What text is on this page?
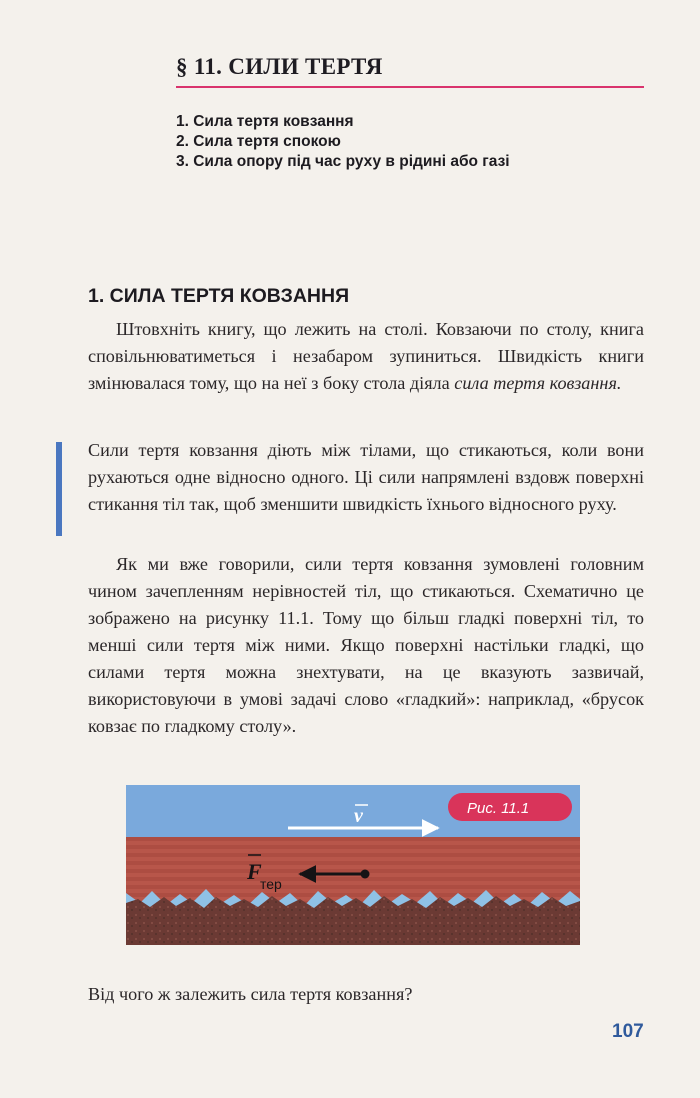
§ 11. СИЛИ ТЕРТЯ
1. Сила тертя ковзання
2. Сила тертя спокою
3. Сила опору під час руху в рідині або газі
1. СИЛА ТЕРТЯ КОВЗАННЯ

Штовхніть книгу, що лежить на столі. Ковзаючи по столу, книга сповільнюватиметься і незабаром зупиниться. Швидкість книги змінювалася тому, що на неї з боку стола діяла сила тертя ковзання.

Сили тертя ковзання діють між тілами, що стикаються, коли вони рухаються одне відносно одного. Ці сили напрямлені вздовж поверхні стикання тіл так, щоб зменшити швидкість їхнього відносного руху.

Як ми вже говорили, сили тертя ковзання зумовлені головним чином зачепленням нерівностей тіл, що стикаються. Схематично це зображено на рисунку 11.1. Тому що більш гладкі поверхні тіл, то менші сили тертя між ними. Якщо поверхні настільки гладкі, що силами тертя можна знехтувати, на це вказують зазвичай, використовуючи в умові задачі слово «гладкий»: наприклад, «брусок ковзає по гладкому столу».

v
F
тер
Рис. 11.1

Від чого ж залежить сила тертя ковзання?

107
